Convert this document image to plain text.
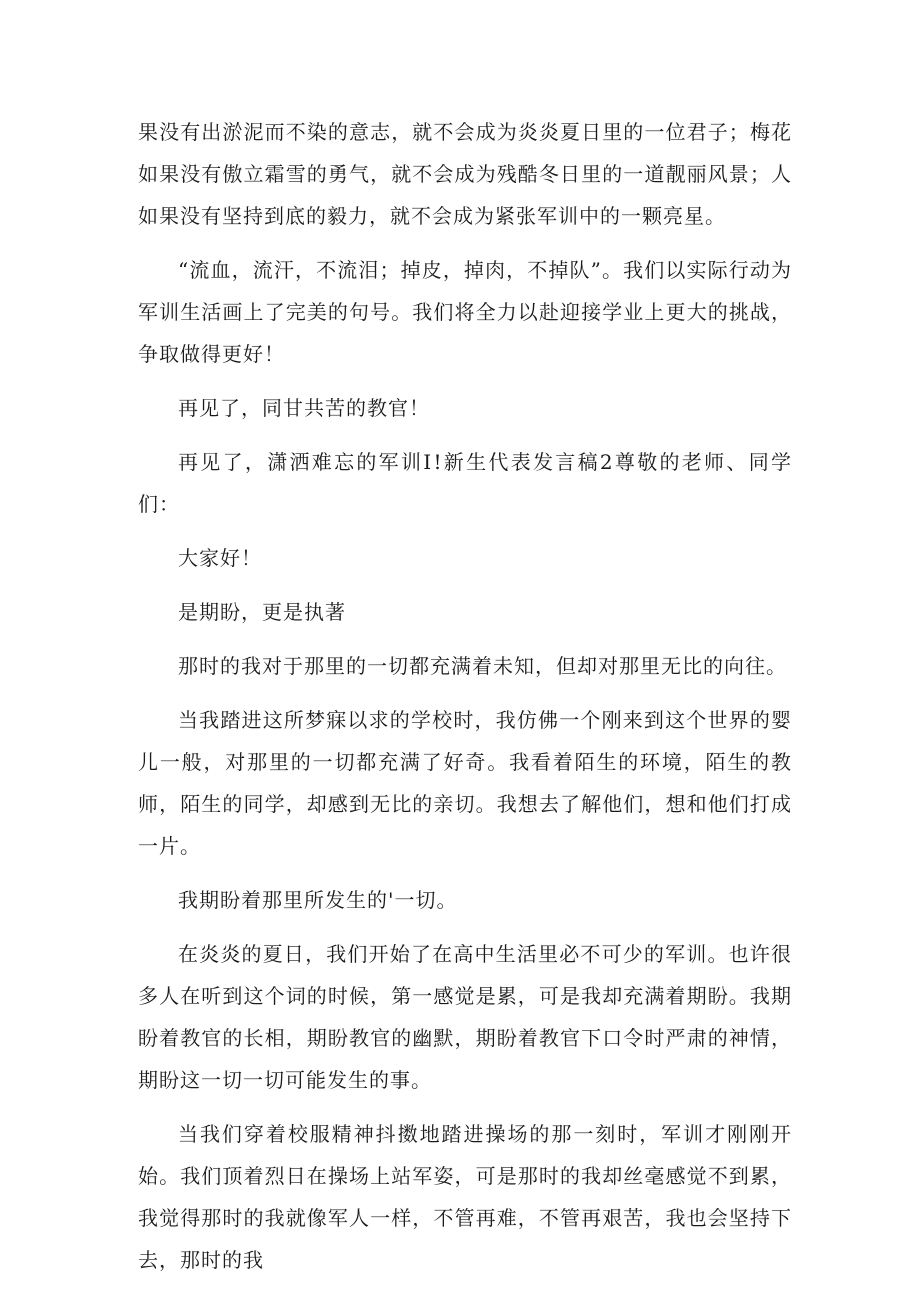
果没有出淤泥而不染的意志，就不会成为炎炎夏日里的一位君子；梅花如果没有傲立霜雪的勇气，就不会成为残酷冬日里的一道靓丽风景；人如果没有坚持到底的毅力，就不会成为紧张军训中的一颗亮星。

“流血，流汗，不流泪；掉皮，掉肉，不掉队”。我们以实际行动为军训生活画上了完美的句号。我们将全力以赴迎接学业上更大的挑战，争取做得更好！

再见了，同甘共苦的教官！

再见了，潇洒难忘的军训Ⅰ!新生代表发言稿2尊敬的老师、同学们：

大家好！

是期盼，更是执著

那时的我对于那里的一切都充满着未知，但却对那里无比的向往。

当我踏进这所梦寐以求的学校时，我仿佛一个刚来到这个世界的婴儿一般，对那里的一切都充满了好奇。我看着陌生的环境，陌生的教师，陌生的同学，却感到无比的亲切。我想去了解他们，想和他们打成一片。

我期盼着那里所发生的'一切。

在炎炎的夏日，我们开始了在高中生活里必不可少的军训。也许很多人在听到这个词的时候，第一感觉是累，可是我却充满着期盼。我期盼着教官的长相，期盼教官的幽默，期盼着教官下口令时严肃的神情，期盼这一切一切可能发生的事。

当我们穿着校服精神抖擞地踏进操场的那一刻时，军训才刚刚开始。我们顶着烈日在操场上站军姿，可是那时的我却丝毫感觉不到累，我觉得那时的我就像军人一样，不管再难，不管再艰苦，我也会坚持下去，那时的我
